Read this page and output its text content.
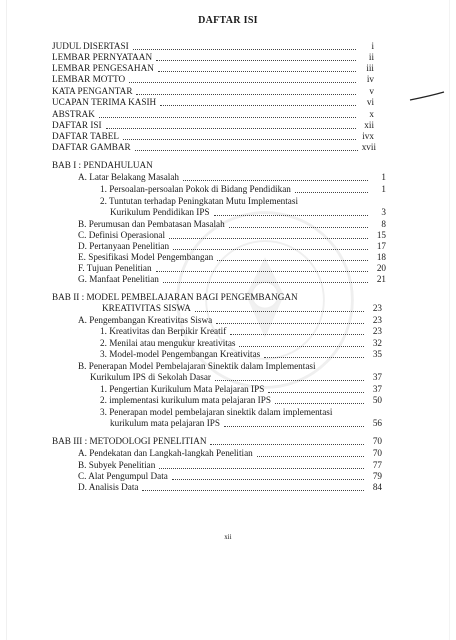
DAFTAR ISI
JUDUL DISERTASI	i
LEMBAR PERNYATAAN	ii
LEMBAR PENGESAHAN	iii
LEMBAR MOTTO	iv
KATA PENGANTAR	v
UCAPAN TERIMA KASIH	vi
ABSTRAK	x
DAFTAR ISI	xii
DAFTAR TABEL	ivx
DAFTAR GAMBAR	xvii
BAB I : PENDAHULUAN
A. Latar Belakang Masalah	1
1. Persoalan-persoalan Pokok di Bidang Pendidikan	1
2. Tuntutan terhadap Peningkatan Mutu Implementasi
Kurikulum Pendidikan IPS	3
B. Perumusan dan Pembatasan Masalah	8
C. Definisi Operasional	15
D. Pertanyaan Penelitian	17
E. Spesifikasi Model Pengembangan	18
F. Tujuan Penelitian	20
G. Manfaat Penelitian	21
BAB II : MODEL PEMBELAJARAN BAGI PENGEMBANGAN
KREATIVITAS SISWA	23
A. Pengembangan Kreativitas Siswa	23
1. Kreativitas dan Berpikir Kreatif	23
2. Menilai atau mengukur kreativitas	32
3. Model-model Pengembangan Kreativitas	35
B. Penerapan Model Pembelajaran Sinektik dalam Implementasi
Kurikulum IPS di Sekolah Dasar	37
1. Pengertian Kurikulum Mata Pelajaran IPS	37
2. implementasi kurikulum mata pelajaran IPS	50
3. Penerapan model pembelajaran sinektik dalam implementasi
kurikulum mata pelajaran IPS	56
BAB III : METODOLOGI PENELITIAN	70
A. Pendekatan dan Langkah-langkah Penelitian	70
B. Subyek Penelitian	77
C. Alat Pengumpul Data	79
D. Analisis Data	84
xii
